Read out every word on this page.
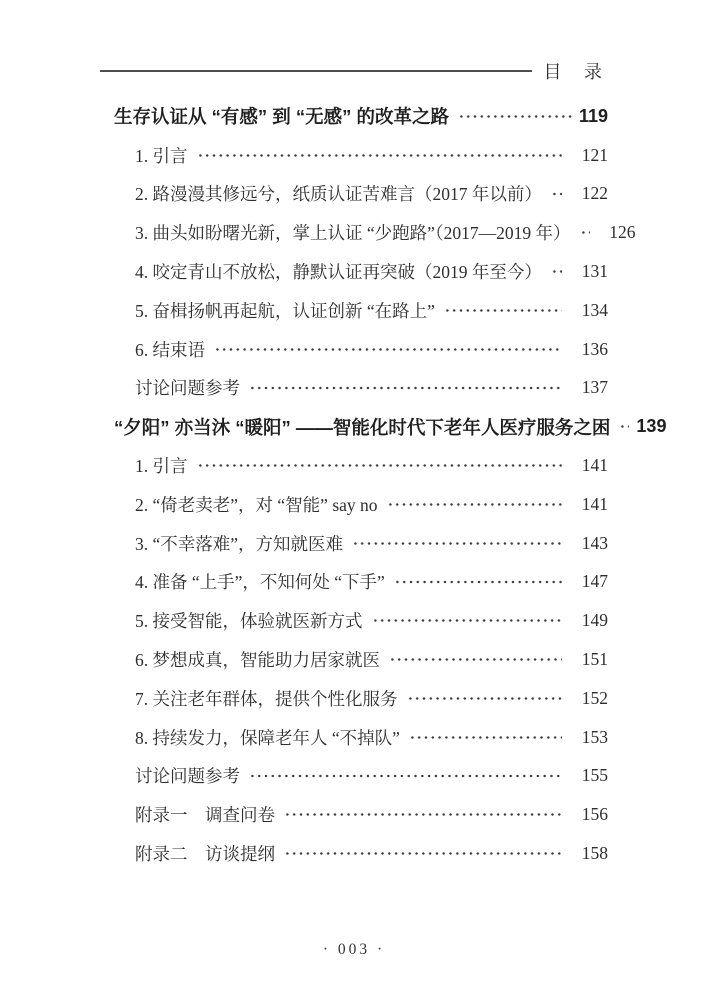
目 录
生存认证从 “有感” 到 “无感” 的改革之路	119
1. 引言	121
2. 路漫漫其修远兮，纸质认证苦难言（2017 年以前） 122
3. 曲头如盼曙光新，掌上认证 “少跑路”（2017—2019 年） 126
4. 咬定青山不放松，静默认证再突破（2019 年至今） 131
5. 奋楫扬帆再起航，认证创新 “在路上”	134
6. 结束语	136
讨论问题参考	137
“夕阳” 亦当沐 “暖阳” ——智能化时代下老年人医疗服务之困 139
1. 引言	141
2. “倚老卖老”，对 “智能” say no	141
3. “不幸落难”，方知就医难	143
4. 准备 “上手”，不知何处 “下手”	147
5. 接受智能，体验就医新方式	149
6. 梦想成真，智能助力居家就医	151
7. 关注老年群体，提供个性化服务	152
8. 持续发力，保障老年人 “不掉队”	153
讨论问题参考	155
附录一　调查问卷	156
附录二　访谈提纲	158
· 003 ·
